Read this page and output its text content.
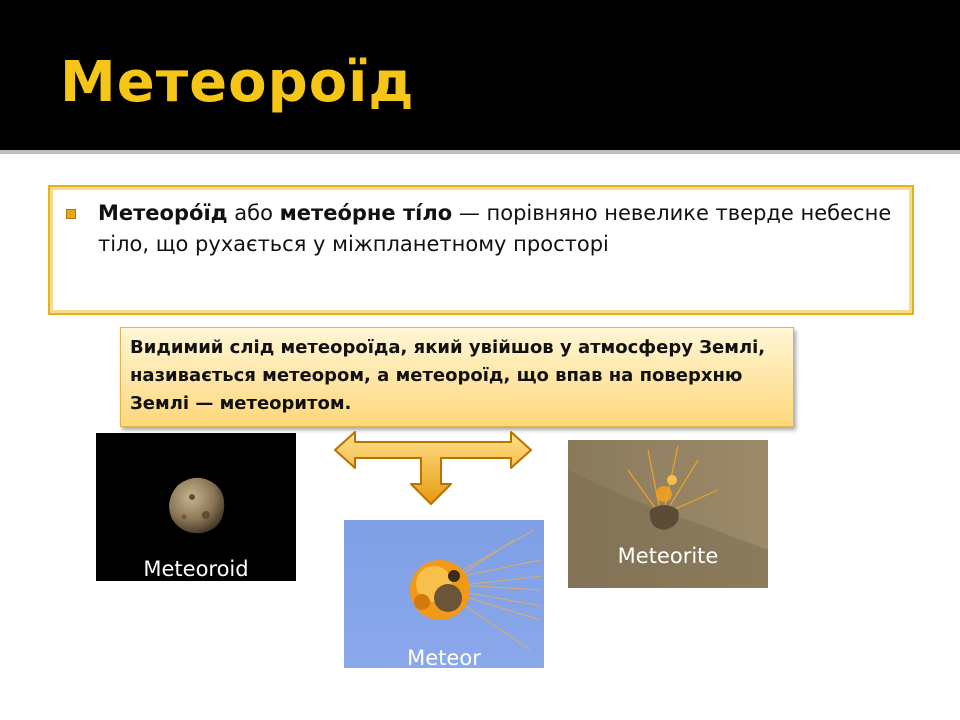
Метеороїд
Метеоро́їд або метео́рне ті́ло — порівняно невелике тверде небесне тіло, що рухається у міжпланетному просторі
Видимий слід метеороїда, який увійшов у атмосферу Землі, називається метеором, а метеороїд, що впав на поверхню Землі — метеоритом.
Meteoroid
Meteor
Meteorite
